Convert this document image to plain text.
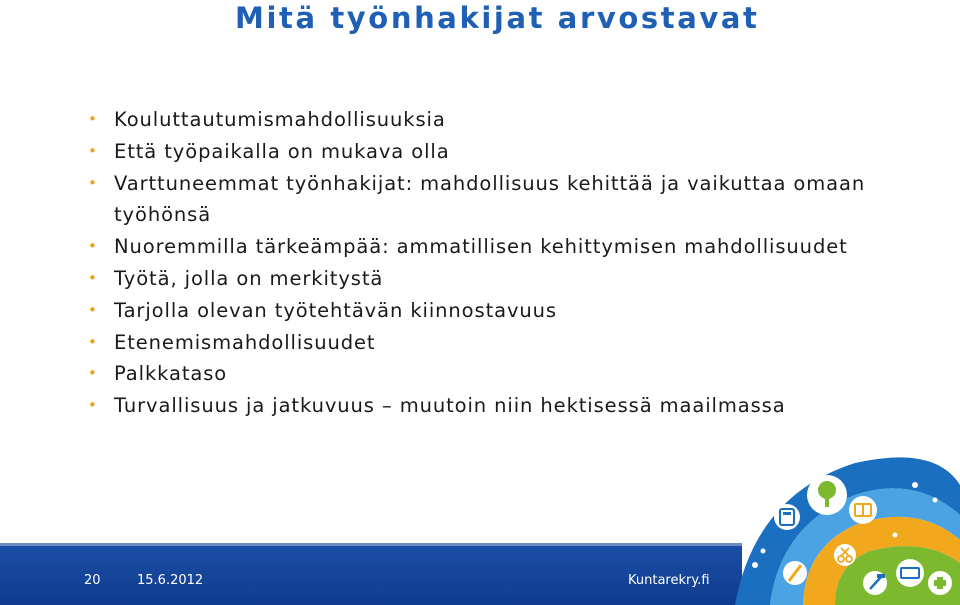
Mitä työnhakijat arvostavat
• Kouluttautumismahdollisuuksia
• Että työpaikalla on mukava olla
• Varttuneemmat työnhakijat: mahdollisuus kehittää ja vaikuttaa omaan työhönsä
• Nuoremmilla tärkeämpää: ammatillisen kehittymisen mahdollisuudet
• Työtä, jolla on merkitystä
• Tarjolla olevan työtehtävän kiinnostavuus
• Etenemismahdollisuudet
• Palkkataso
• Turvallisuus ja jatkuvuus – muutoin niin hektisessä maailmassa
20	15.6.2012	Kuntarekry.fi
